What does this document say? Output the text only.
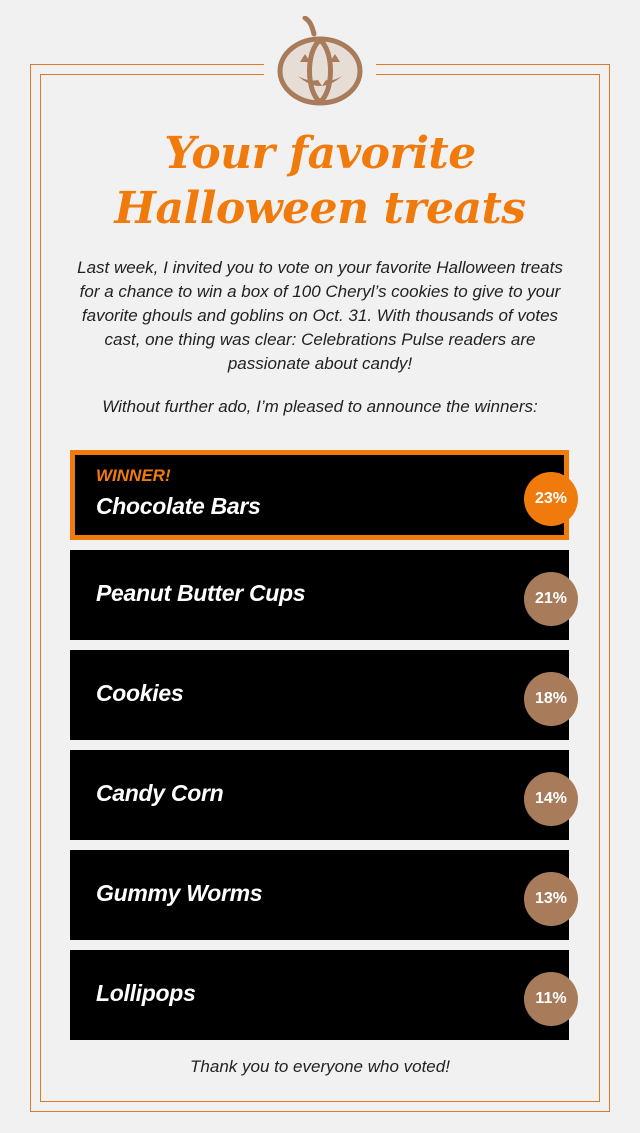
Your favorite
Halloween treats

Last week, I invited you to vote on your favorite Halloween treats for a chance to win a box of 100 Cheryl’s cookies to give to your favorite ghouls and goblins on Oct. 31. With thousands of votes cast, one thing was clear: Celebrations Pulse readers are passionate about candy!

Without further ado, I’m pleased to announce the winners:

WINNER!
Chocolate Bars	23%
Peanut Butter Cups	21%
Cookies	18%
Candy Corn	14%
Gummy Worms	13%
Lollipops	11%

Thank you to everyone who voted!
